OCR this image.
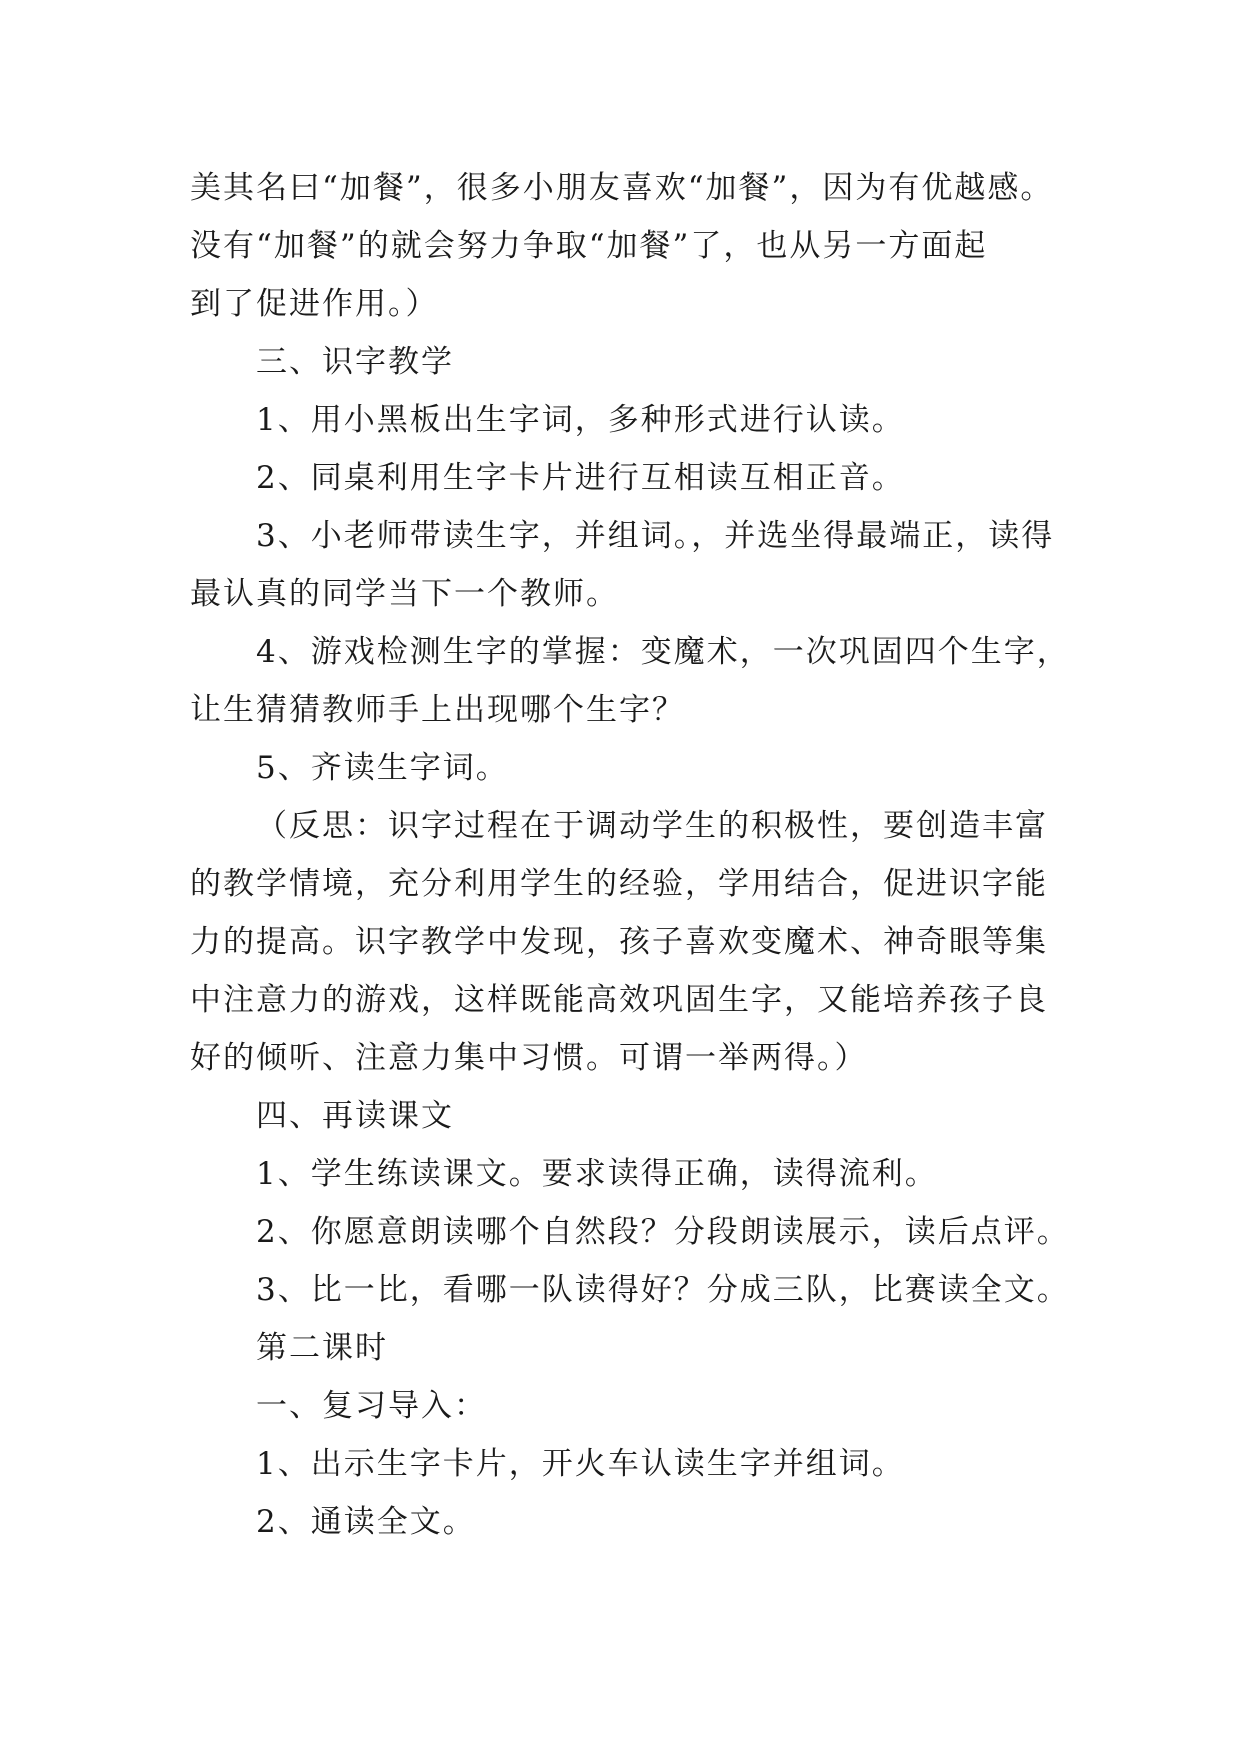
美其名曰“加餐”，很多小朋友喜欢“加餐”，因为有优越感。

没有“加餐”的就会努力争取“加餐”了，也从另一方面起

到了促进作用。）

三、识字教学

1、用小黑板出生字词，多种形式进行认读。

2、同桌利用生字卡片进行互相读互相正音。

3、小老师带读生字，并组词。，并选坐得最端正，读得

最认真的同学当下一个教师。

4、游戏检测生字的掌握：变魔术，一次巩固四个生字，

让生猜猜教师手上出现哪个生字？

5、齐读生字词。

（反思：识字过程在于调动学生的积极性，要创造丰富

的教学情境，充分利用学生的经验，学用结合，促进识字能

力的提高。识字教学中发现，孩子喜欢变魔术、神奇眼等集

中注意力的游戏，这样既能高效巩固生字，又能培养孩子良

好的倾听、注意力集中习惯。可谓一举两得。）

四、再读课文

1、学生练读课文。要求读得正确，读得流利。

2、你愿意朗读哪个自然段？分段朗读展示，读后点评。

3、比一比，看哪一队读得好？分成三队，比赛读全文。

第二课时

一、复习导入：

1、出示生字卡片，开火车认读生字并组词。

2、通读全文。
